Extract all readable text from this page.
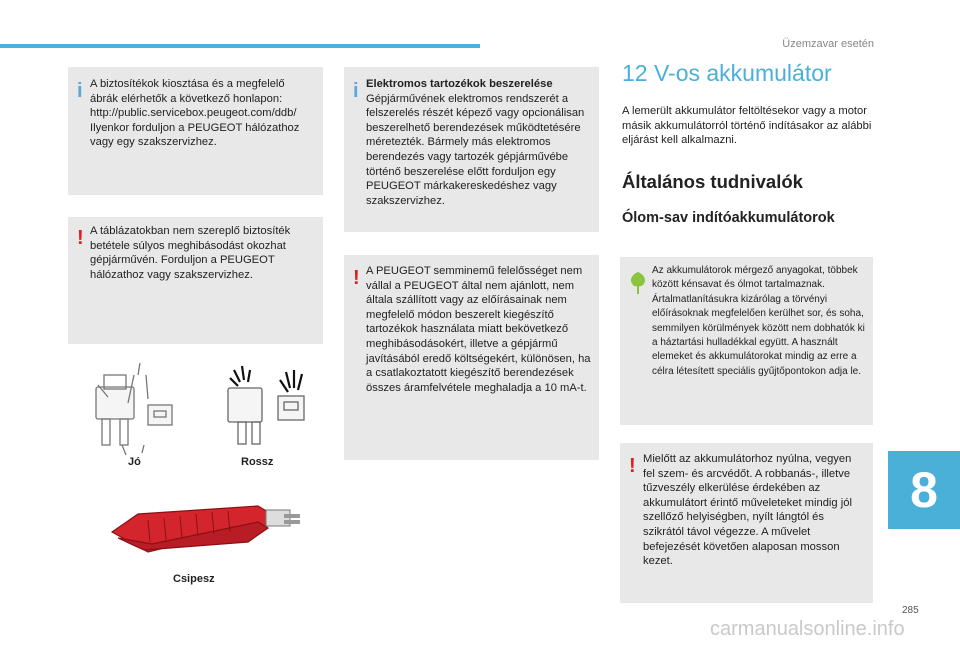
Üzemzavar esetén
i A biztosítékok kiosztása és a megfelelő ábrák elérhetők a következő honlapon: http://public.servicebox.peugeot.com/ddb/ Ilyenkor forduljon a PEUGEOT hálózathoz vagy egy szakszervizhez.

! A táblázatokban nem szereplő biztosíték betétele súlyos meghibásodást okozhat gépjárművén. Forduljon a PEUGEOT hálózathoz vagy szakszervizhez.

Jó	Rossz
Csipesz
i Elektromos tartozékok beszerelése
Gépjárművének elektromos rendszerét a felszerelés részét képező vagy opcionálisan beszerelhető berendezések működtetésére méretezték. Bármely más elektromos berendezés vagy tartozék gépjárművébe történő beszerelése előtt forduljon egy PEUGEOT márkakereskedéshez vagy szakszervizhez.

! A PEUGEOT semminemű felelősséget nem vállal a PEUGEOT által nem ajánlott, nem általa szállított vagy az előírásainak nem megfelelő módon beszerelt kiegészítő tartozékok használata miatt bekövetkező meghibásodásokért, illetve a gépjármű javításából eredő költségekért, különösen, ha a csatlakoztatott kiegészítő berendezések összes áramfelvétele meghaladja a 10 mA-t.

12 V-os akkumulátor

A lemerült akkumulátor feltöltésekor vagy a motor másik akkumulátorról történő indításakor az alábbi eljárást kell alkalmazni.

Általános tudnivalók
Ólom-sav indítóakkumulátorok

Az akkumulátorok mérgező anyagokat, többek között kénsavat és ólmot tartalmaznak. Ártalmatlanításukra kizárólag a törvényi előírásoknak megfelelően kerülhet sor, és soha, semmilyen körülmények között nem dobhatók ki a háztartási hulladékkal együtt. A használt elemeket és akkumulátorokat mindig az erre a célra létesített speciális gyűjtőpontokon adja le.

! Mielőtt az akkumulátorhoz nyúlna, vegyen fel szem- és arcvédőt. A robbanás-, illetve tűzveszély elkerülése érdekében az akkumulátort érintő műveleteket mindig jól szellőző helyiségben, nyílt lángtól és szikrától távol végezze. A művelet befejezését követően alaposan mosson kezet.

8
285
carmanualsonline.info
